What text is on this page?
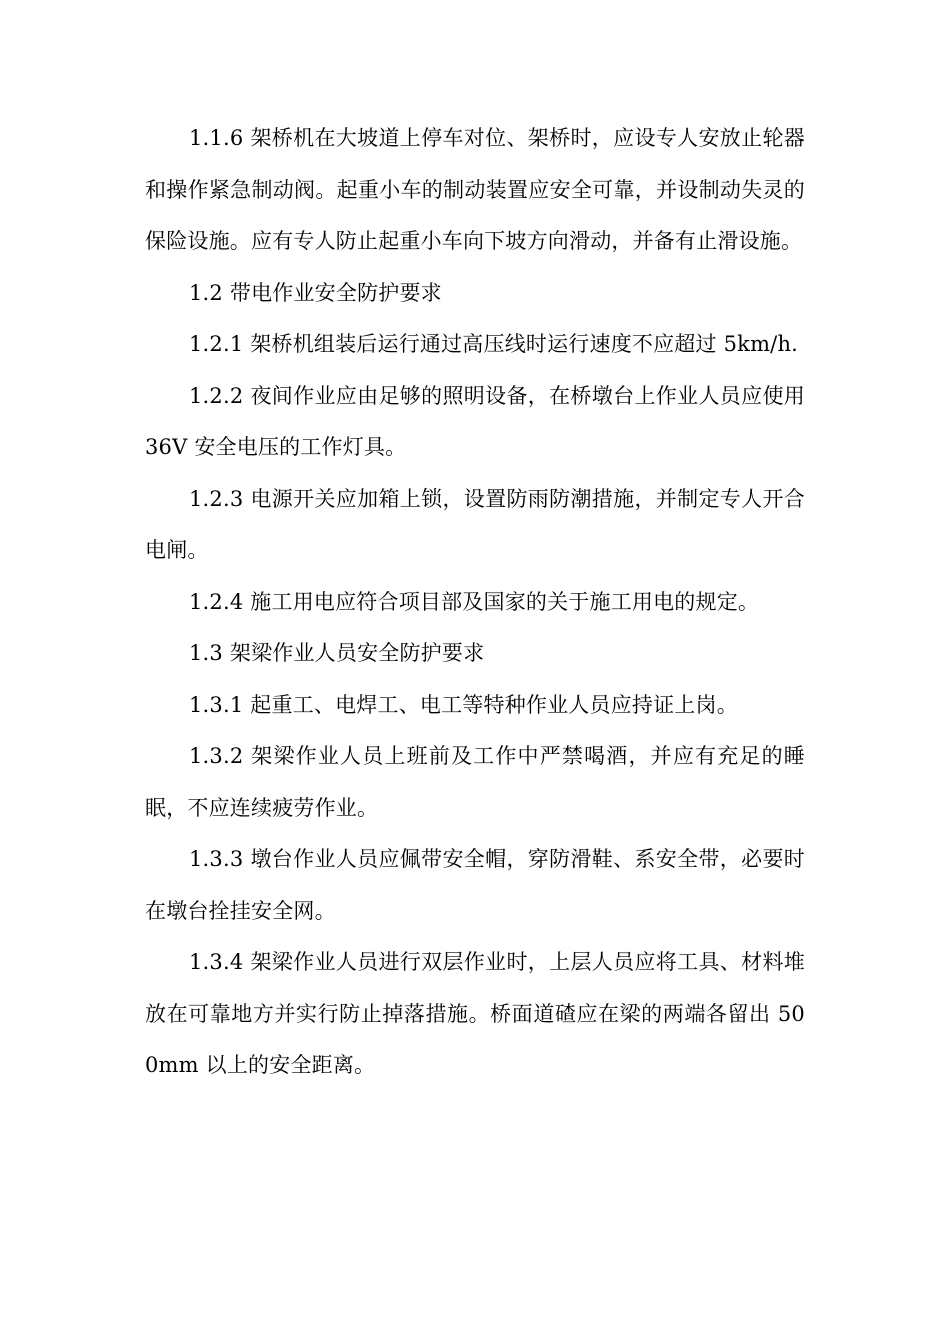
1.1.6 架桥机在大坡道上停车对位、架桥时，应设专人安放止轮器和操作紧急制动阀。起重小车的制动装置应安全可靠，并设制动失灵的保险设施。应有专人防止起重小车向下坡方向滑动，并备有止滑设施。

1.2 带电作业安全防护要求

1.2.1 架桥机组装后运行通过高压线时运行速度不应超过 5km/h.

1.2.2 夜间作业应由足够的照明设备，在桥墩台上作业人员应使用 36V 安全电压的工作灯具。

1.2.3 电源开关应加箱上锁，设置防雨防潮措施，并制定专人开合电闸。

1.2.4 施工用电应符合项目部及国家的关于施工用电的规定。

1.3 架梁作业人员安全防护要求

1.3.1 起重工、电焊工、电工等特种作业人员应持证上岗。

1.3.2 架梁作业人员上班前及工作中严禁喝酒，并应有充足的睡眠，不应连续疲劳作业。

1.3.3 墩台作业人员应佩带安全帽，穿防滑鞋、系安全带，必要时在墩台拴挂安全网。

1.3.4 架梁作业人员进行双层作业时，上层人员应将工具、材料堆放在可靠地方并实行防止掉落措施。桥面道碴应在梁的两端各留出 500mm 以上的安全距离。
